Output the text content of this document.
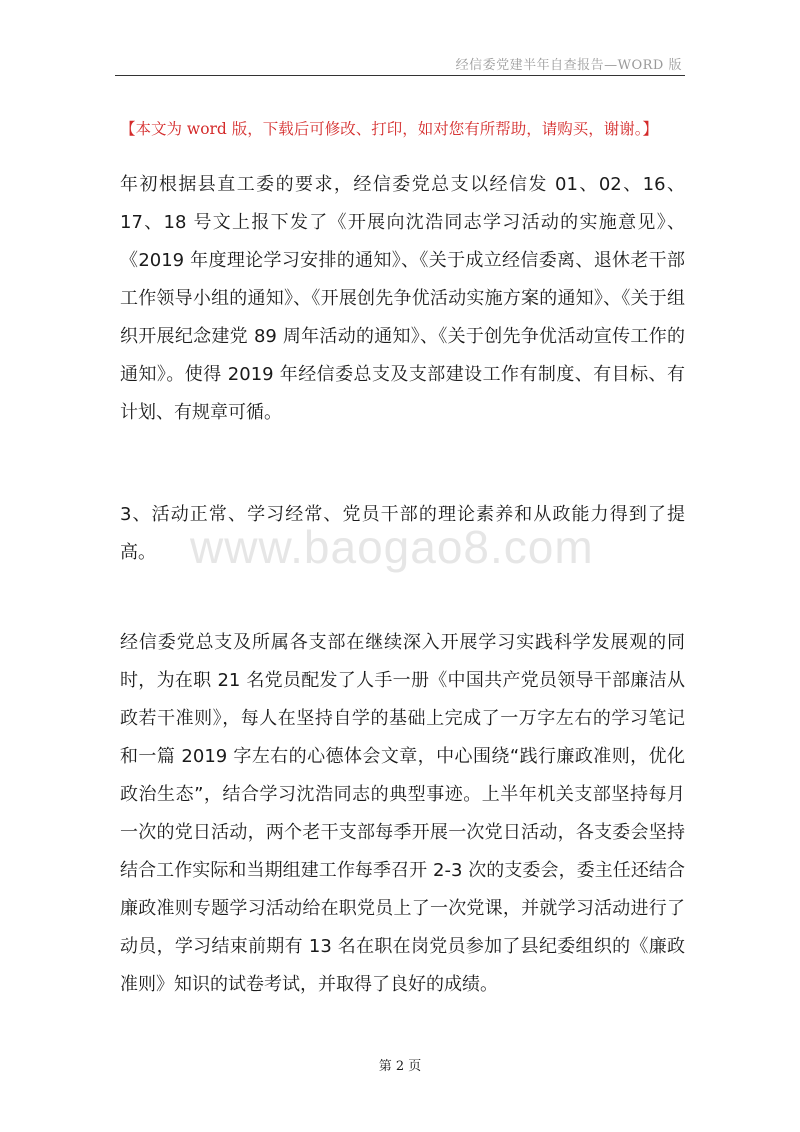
经信委党建半年自查报告—WORD 版
【本文为 word 版，下载后可修改、打印，如对您有所帮助，请购买，谢谢。】
www.baogao8.com

年初根据县直工委的要求，经信委党总支以经信发 01、02、16、17、18 号文上报下发了《开展向沈浩同志学习活动的实施意见》、《2019 年度理论学习安排的通知》、《关于成立经信委离、退休老干部工作领导小组的通知》、《开展创先争优活动实施方案的通知》、《关于组织开展纪念建党 89 周年活动的通知》、《关于创先争优活动宣传工作的通知》。使得 2019 年经信委总支及支部建设工作有制度、有目标、有计划、有规章可循。

3、活动正常、学习经常、党员干部的理论素养和从政能力得到了提高。

经信委党总支及所属各支部在继续深入开展学习实践科学发展观的同时，为在职 21 名党员配发了人手一册《中国共产党员领导干部廉洁从政若干准则》，每人在坚持自学的基础上完成了一万字左右的学习笔记和一篇 2019 字左右的心德体会文章，中心围绕“践行廉政准则，优化政治生态”，结合学习沈浩同志的典型事迹。上半年机关支部坚持每月一次的党日活动，两个老干支部每季开展一次党日活动，各支委会坚持结合工作实际和当期组建工作每季召开 2-3 次的支委会，委主任还结合廉政准则专题学习活动给在职党员上了一次党课，并就学习活动进行了动员，学习结束前期有 13 名在职在岗党员参加了县纪委组织的《廉政准则》知识的试卷考试，并取得了良好的成绩。

第 2 页
